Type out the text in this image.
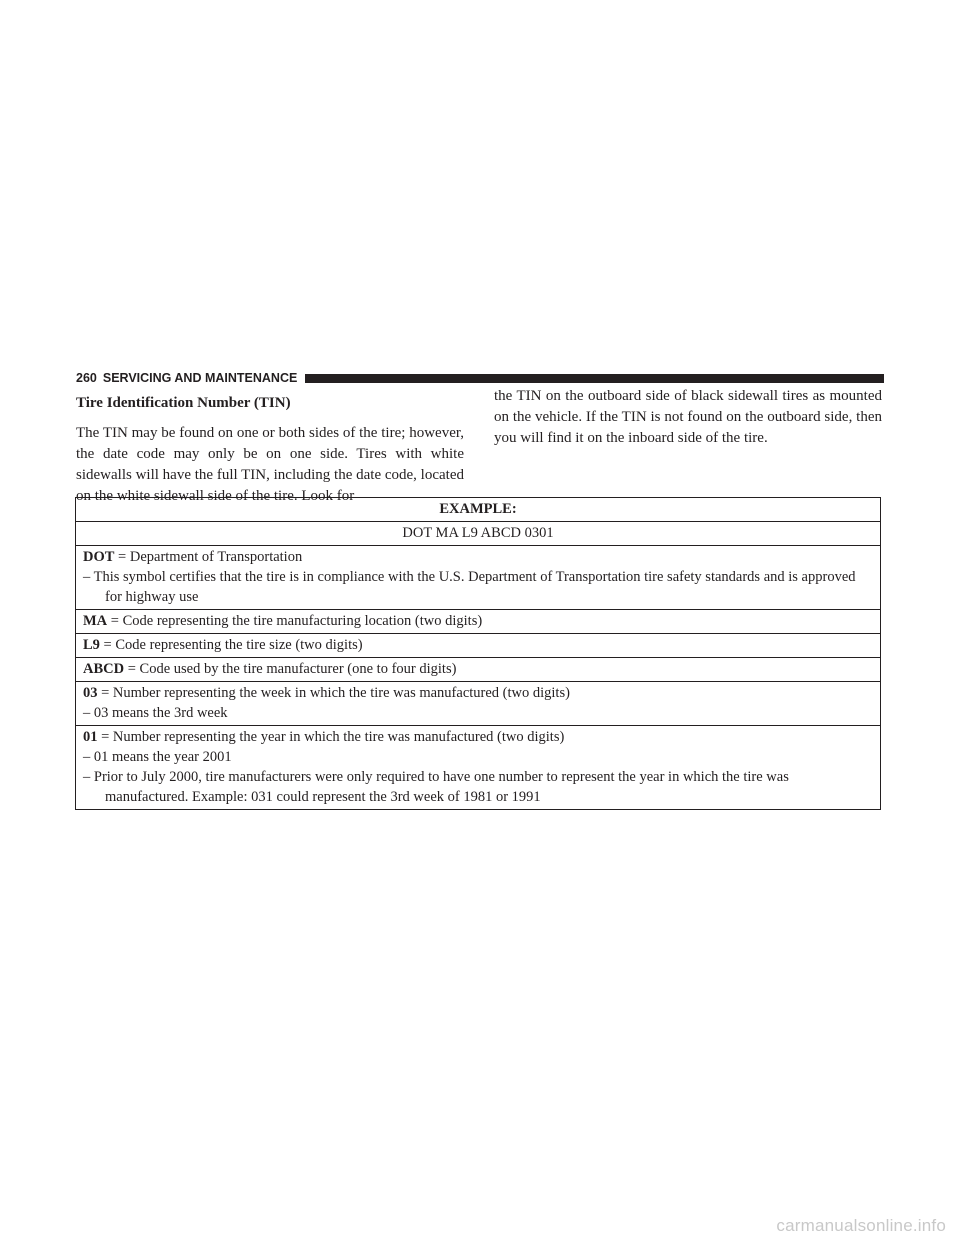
260 SERVICING AND MAINTENANCE

Tire Identification Number (TIN)

The TIN may be found on one or both sides of the tire; however, the date code may only be on one side. Tires with white sidewalls will have the full TIN, including the date code, located on the white sidewall side of the tire. Look for

the TIN on the outboard side of black sidewall tires as mounted on the vehicle. If the TIN is not found on the outboard side, then you will find it on the inboard side of the tire.

EXAMPLE:
DOT MA L9 ABCD 0301

DOT = Department of Transportation
– This symbol certifies that the tire is in compliance with the U.S. Department of Transportation tire safety standards and is approved for highway use

MA = Code representing the tire manufacturing location (two digits)

L9 = Code representing the tire size (two digits)

ABCD = Code used by the tire manufacturer (one to four digits)

03 = Number representing the week in which the tire was manufactured (two digits)
– 03 means the 3rd week

01 = Number representing the year in which the tire was manufactured (two digits)
– 01 means the year 2001
– Prior to July 2000, tire manufacturers were only required to have one number to represent the year in which the tire was manufactured. Example: 031 could represent the 3rd week of 1981 or 1991
carmanualsonline.info
